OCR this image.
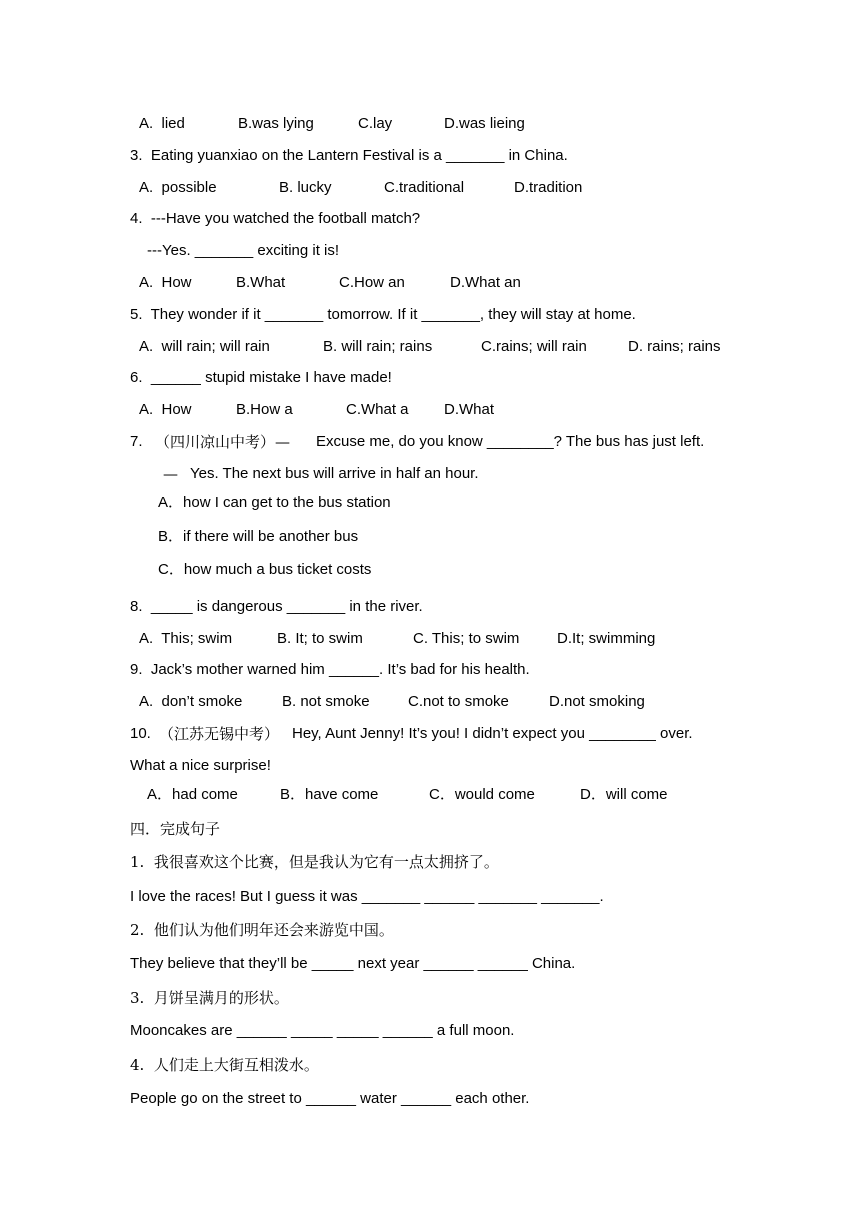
A.  lied	B.was lying	C.lay	D.was lieing
3.  Eating yuanxiao on the Lantern Festival is a _______ in China.
A.  possible	B. lucky	C.traditional	D.tradition
4.  ---Have you watched the football match?
---Yes. _______ exciting it is!
A.  How	B.What	C.How an	D.What an
5.  They wonder if it _______ tomorrow. If it _______, they will stay at home.
A.  will rain; will rain	B. will rain; rains	C.rains; will rain	D. rains; rains
6.  ______ stupid mistake I have made!
A.  How	B.How a	C.What a D.What
7. （四川凉山中考）— Excuse me, do you know ________? The bus has just left.
— Yes. The next bus will arrive in half an hour.
A．how I can get to the bus station
B．if there will be another bus
C．how much a bus ticket costs
8.  _____ is dangerous _______ in the river.
A.  This; swim	B. It; to swim	C. This; to swim	D.It; swimming
9.  Jack’s mother warned him ______. It’s bad for his health.
A.  don’t smoke	B. not smoke	C.not to smoke	D.not smoking
10. （江苏无锡中考） Hey, Aunt Jenny! It’s you! I didn’t expect you ________ over.
What a nice surprise!
A．had come	B．have come	C．would come	D．will come
四．完成句子
1.  我很喜欢这个比赛，但是我认为它有一点太拥挤了。
I love the races! But I guess it was _______ ______ _______ _______.
2.  他们认为他们明年还会来游览中国。
They believe that they’ll be _____ next year ______ ______ China.
3.  月饼呈满月的形状。
Mooncakes are ______ _____ _____ ______ a full moon.
4.  人们走上大街互相泼水。
People go on the street to ______ water ______ each other.
